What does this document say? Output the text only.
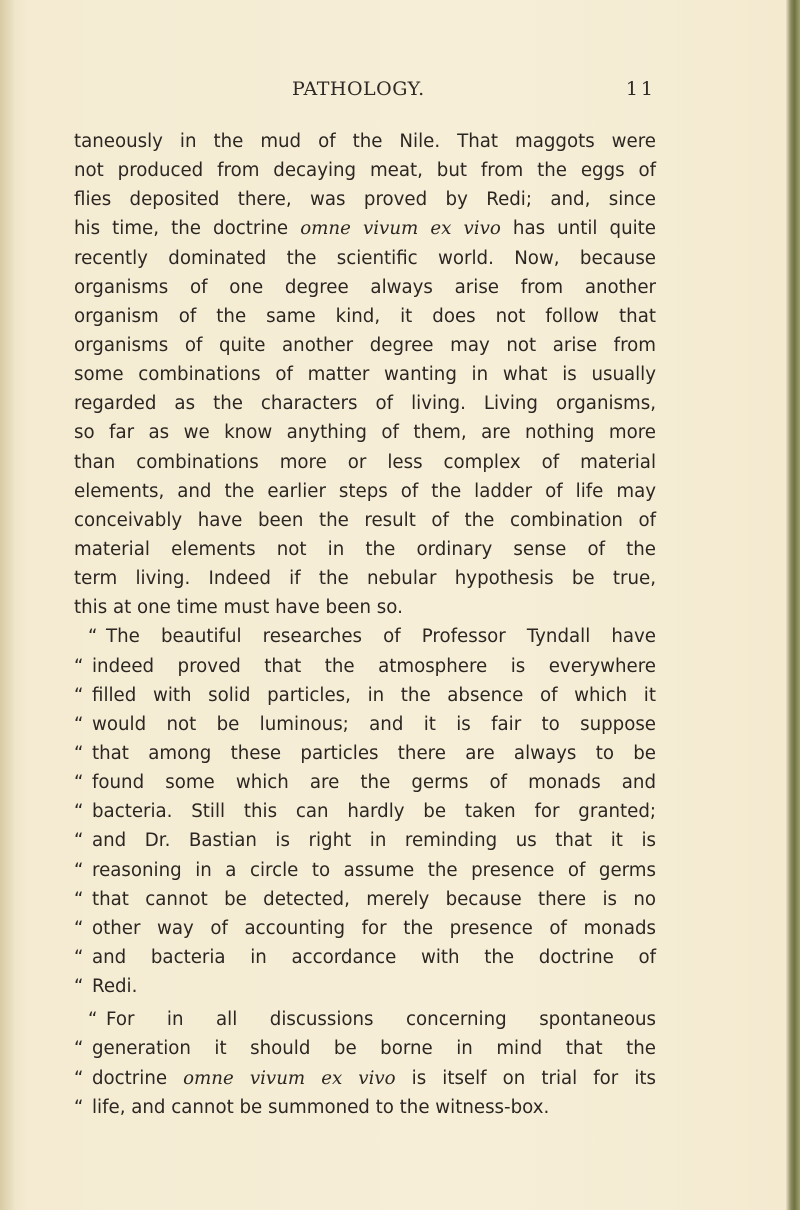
PATHOLOGY.	11
taneously in the mud of the Nile. That maggots were
not produced from decaying meat, but from the eggs of
flies deposited there, was proved by Redi; and, since
his time, the doctrine omne vivum ex vivo has until quite
recently dominated the scientific world. Now, because
organisms of one degree always arise from another
organism of the same kind, it does not follow that
organisms of quite another degree may not arise from
some combinations of matter wanting in what is usually
regarded as the characters of living. Living organisms,
so far as we know anything of them, are nothing more
than combinations more or less complex of material
elements, and the earlier steps of the ladder of life may
conceivably have been the result of the combination of
material elements not in the ordinary sense of the
term living. Indeed if the nebular hypothesis be true,
this at one time must have been so.
“ The beautiful researches of Professor Tyndall have
“ indeed proved that the atmosphere is everywhere
“ filled with solid particles, in the absence of which it
“ would not be luminous; and it is fair to suppose
“ that among these particles there are always to be
“ found some which are the germs of monads and
“ bacteria. Still this can hardly be taken for granted;
“ and Dr. Bastian is right in reminding us that it is
“ reasoning in a circle to assume the presence of germs
“ that cannot be detected, merely because there is no
“ other way of accounting for the presence of monads
“ and bacteria in accordance with the doctrine of
“ Redi.
“ For in all discussions concerning spontaneous
“ generation it should be borne in mind that the
“ doctrine omne vivum ex vivo is itself on trial for its
“ life, and cannot be summoned to the witness-box.
